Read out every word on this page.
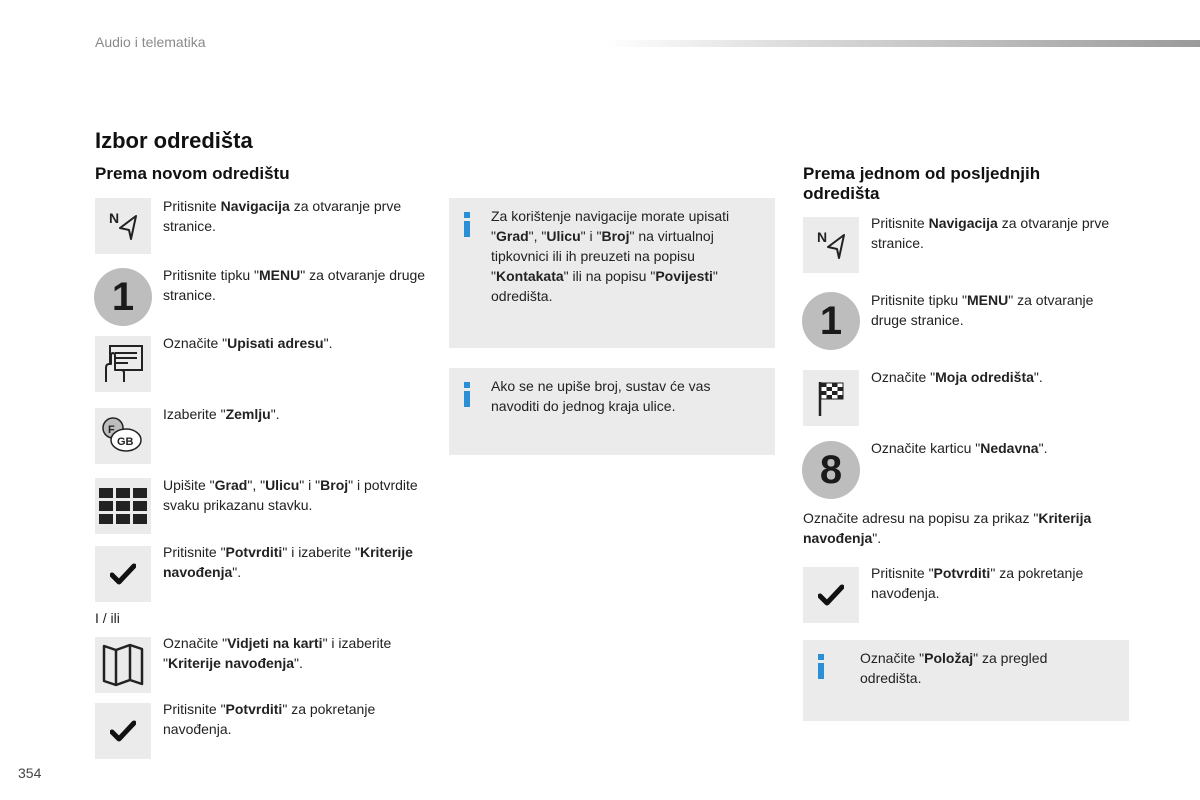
Audio i telematika
Izbor odredišta
Prema novom odredištu
N
Pritisnite Navigacija za otvaranje prve stranice.
1	Pritisnite tipku "MENU" za otvaranje druge stranice.
Označite "Upisati adresu".
F
GB
Izaberite "Zemlju".
Upišite "Grad", "Ulicu" i "Broj" i potvrdite svaku prikazanu stavku.
Pritisnite "Potvrditi" i izaberite "Kriterije navođenja".
I / ili
Označite "Vidjeti na karti" i izaberite "Kriterije navođenja".
Pritisnite "Potvrditi" za pokretanje navođenja.
Za korištenje navigacije morate upisati "Grad", "Ulicu" i "Broj" na virtualnoj tipkovnici ili ih preuzeti na popisu "Kontakata" ili na popisu "Povijesti" odredišta.
Ako se ne upiše broj, sustav će vas navoditi do jednog kraja ulice.
Prema jednom od posljednjih
odredišta
N
Pritisnite Navigacija za otvaranje prve stranice.
1	Pritisnite tipku "MENU" za otvaranje druge stranice.
Označite "Moja odredišta".
8	Označite karticu "Nedavna".
Označite adresu na popisu za prikaz "Kriterija navođenja".
Pritisnite "Potvrditi" za pokretanje navođenja.
Označite "Položaj" za pregled odredišta.
354
